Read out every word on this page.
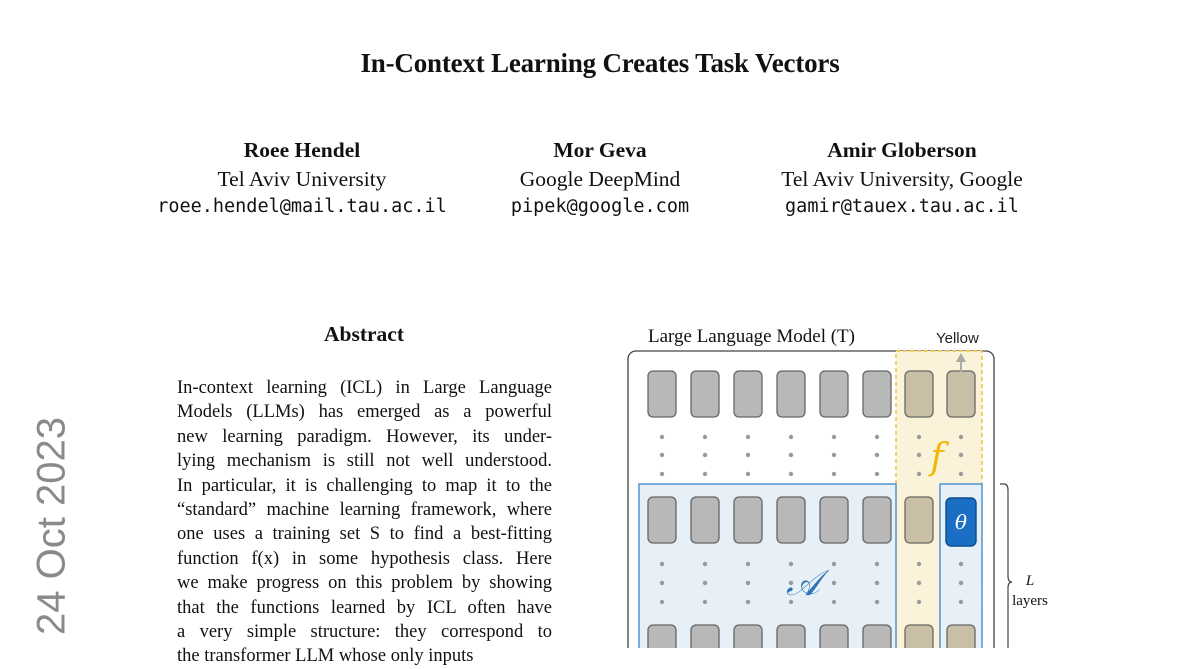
In-Context Learning Creates Task Vectors
Roee Hendel
Tel Aviv University
roee.hendel@mail.tau.ac.il
Mor Geva
Google DeepMind
pipek@google.com
Amir Globerson
Tel Aviv University, Google
gamir@tauex.tau.ac.il
24 Oct 2023
Abstract
In-context learning (ICL) in Large Language
Models (LLMs) has emerged as a powerful
new learning paradigm. However, its under-
lying mechanism is still not well understood.
In particular, it is challenging to map it to the
“standard” machine learning framework, where
one uses a training set S to find a best-fitting
function f(x) in some hypothesis class. Here
we make progress on this problem by showing
that the functions learned by ICL often have
a very simple structure: they correspond to
the transformer LLM whose only inputs
θ
f
𝒜
Large Language Model (T)	Yellow
L
layers
